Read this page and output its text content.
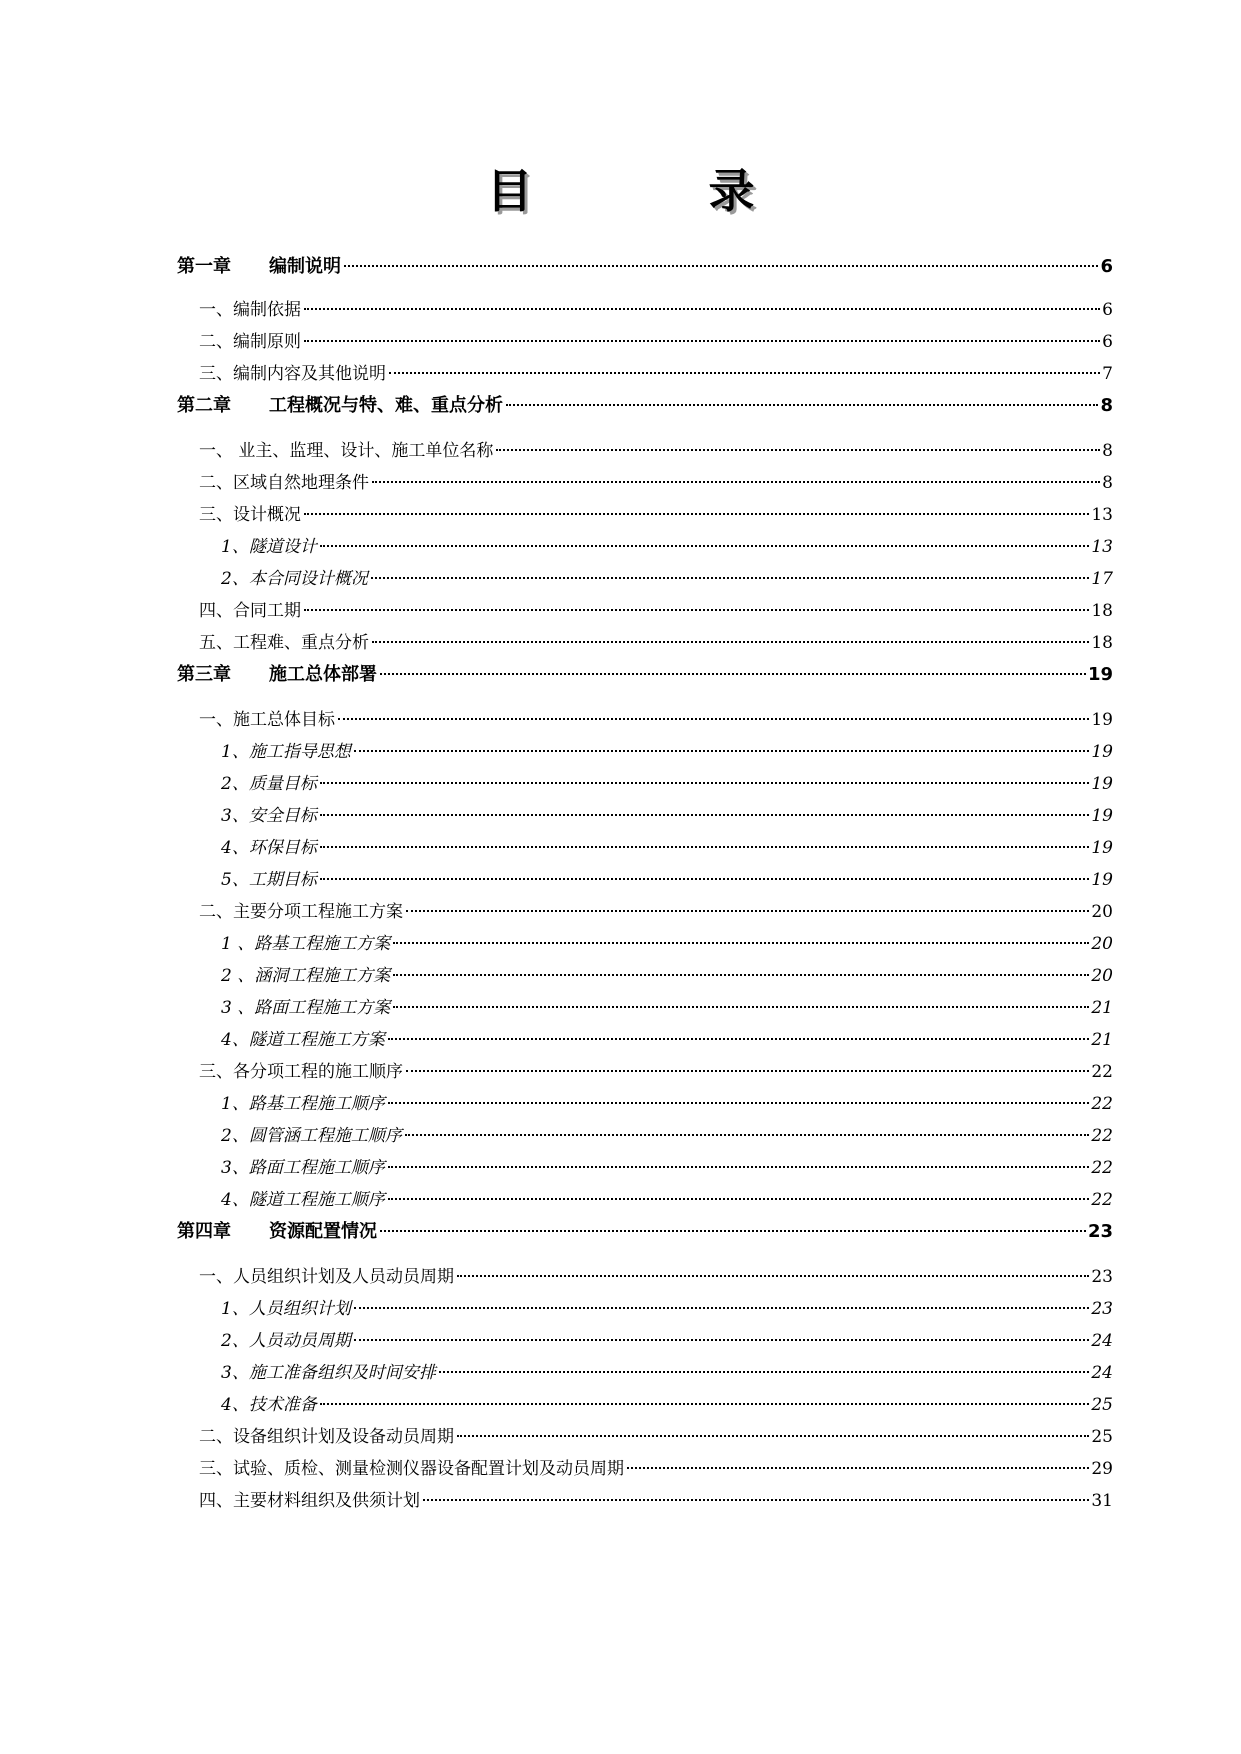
目 录
第一章 编制说明	6
一、编制依据	6
二、编制原则	6
三、编制内容及其他说明	7
第二章 工程概况与特、难、重点分析	8
一、 业主、监理、设计、施工单位名称	8
二、区域自然地理条件	8
三、设计概况	13
1、隧道设计	13
2、本合同设计概况	17
四、合同工期	18
五、工程难、重点分析	18
第三章 施工总体部署	19
一、施工总体目标	19
1、施工指导思想	19
2、质量目标	19
3、安全目标	19
4、环保目标	19
5、工期目标	19
二、主要分项工程施工方案	20
1 、路基工程施工方案	20
2 、涵洞工程施工方案	20
3 、路面工程施工方案	21
4、隧道工程施工方案	21
三、各分项工程的施工顺序	22
1、路基工程施工顺序	22
2、圆管涵工程施工顺序	22
3、路面工程施工顺序	22
4、隧道工程施工顺序	22
第四章 资源配置情况	23
一、人员组织计划及人员动员周期	23
1、人员组织计划	23
2、人员动员周期	24
3、施工准备组织及时间安排	24
4、技术准备	25
二、设备组织计划及设备动员周期	25
三、试验、质检、测量检测仪器设备配置计划及动员周期	29
四、主要材料组织及供须计划	31
